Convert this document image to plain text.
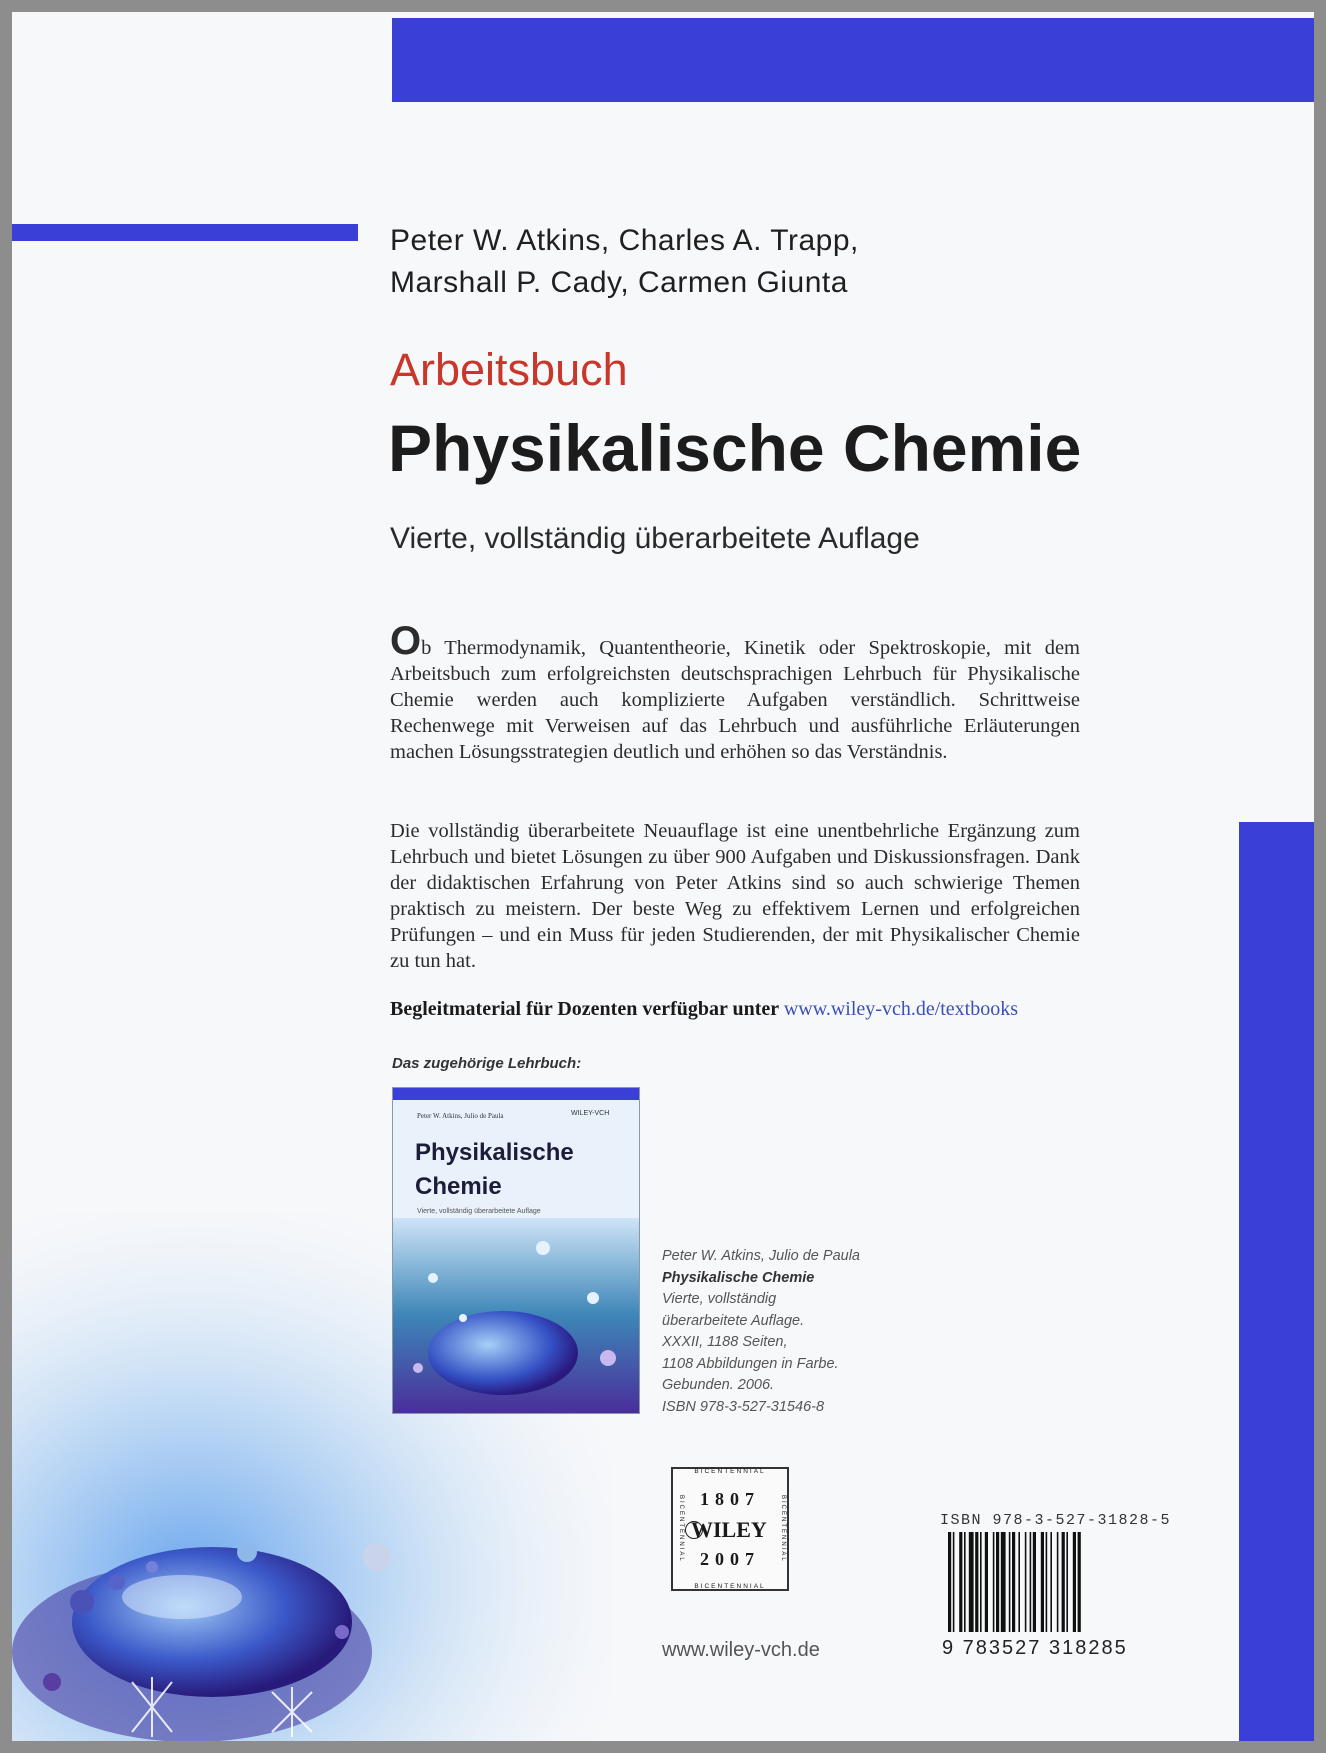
Peter W. Atkins, Charles A. Trapp,
Marshall P. Cady, Carmen Giunta
Arbeitsbuch
Physikalische Chemie
Vierte, vollständig überarbeitete Auflage
Ob Thermodynamik, Quantentheorie, Kinetik oder Spektroskopie, mit dem Arbeitsbuch zum erfolgreichsten deutschsprachigen Lehrbuch für Physikalische Chemie werden auch komplizierte Aufgaben verständlich. Schrittweise Rechenwege mit Verweisen auf das Lehrbuch und ausführliche Erläuterungen machen Lösungsstrategien deutlich und erhöhen so das Verständnis.
Die vollständig überarbeitete Neuauflage ist eine unentbehrliche Ergänzung zum Lehrbuch und bietet Lösungen zu über 900 Aufgaben und Diskussionsfragen. Dank der didaktischen Erfahrung von Peter Atkins sind so auch schwierige Themen praktisch zu meistern. Der beste Weg zu effektivem Lernen und erfolgreichen Prüfungen – und ein Muss für jeden Studierenden, der mit Physikalischer Chemie zu tun hat.
Begleitmaterial für Dozenten verfügbar unter www.wiley-vch.de/textbooks
Das zugehörige Lehrbuch:
Peter W. Atkins, Julio de Paula	WILEY-VCH
Physikalische
Chemie
Vierte, vollständig überarbeitete Auflage
Peter W. Atkins, Julio de Paula
Physikalische Chemie
Vierte, vollständig
überarbeitete Auflage.
XXXII, 1188 Seiten,
1108 Abbildungen in Farbe.
Gebunden. 2006.
ISBN 978-3-527-31546-8
BICENTENNIAL
BICENTENNIAL	BICENTENNIAL
1807
WILEY
2007
BICENTENNIAL
www.wiley-vch.de
ISBN 978-3-527-31828-5
9 783527 318285
